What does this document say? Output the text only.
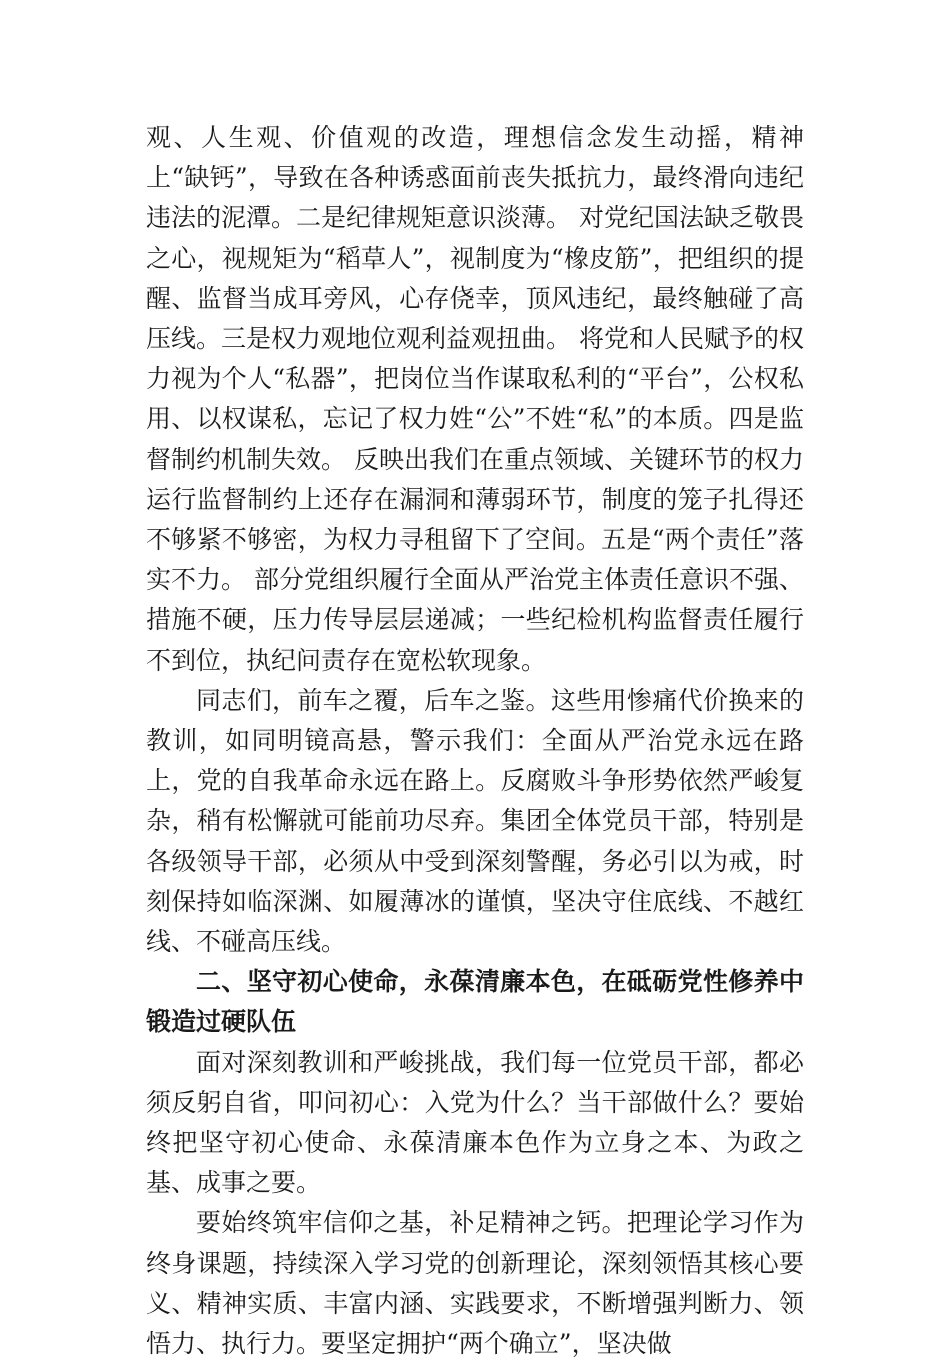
观、人生观、价值观的改造，理想信念发生动摇，精神上“缺钙”，导致在各种诱惑面前丧失抵抗力，最终滑向违纪违法的泥潭。二是纪律规矩意识淡薄。 对党纪国法缺乏敬畏之心，视规矩为“稻草人”，视制度为“橡皮筋”，把组织的提醒、监督当成耳旁风，心存侥幸，顶风违纪，最终触碰了高压线。三是权力观地位观利益观扭曲。 将党和人民赋予的权力视为个人“私器”，把岗位当作谋取私利的“平台”，公权私用、以权谋私，忘记了权力姓“公”不姓“私”的本质。四是监督制约机制失效。 反映出我们在重点领域、关键环节的权力运行监督制约上还存在漏洞和薄弱环节，制度的笼子扎得还不够紧不够密，为权力寻租留下了空间。五是“两个责任”落实不力。 部分党组织履行全面从严治党主体责任意识不强、措施不硬，压力传导层层递减；一些纪检机构监督责任履行不到位，执纪问责存在宽松软现象。

同志们，前车之覆，后车之鉴。这些用惨痛代价换来的教训，如同明镜高悬，警示我们：全面从严治党永远在路上，党的自我革命永远在路上。反腐败斗争形势依然严峻复杂，稍有松懈就可能前功尽弃。集团全体党员干部，特别是各级领导干部，必须从中受到深刻警醒，务必引以为戒，时刻保持如临深渊、如履薄冰的谨慎，坚决守住底线、不越红线、不碰高压线。

二、坚守初心使命，永葆清廉本色，在砥砺党性修养中锻造过硬队伍

面对深刻教训和严峻挑战，我们每一位党员干部，都必须反躬自省，叩问初心：入党为什么？当干部做什么？要始终把坚守初心使命、永葆清廉本色作为立身之本、为政之基、成事之要。

要始终筑牢信仰之基，补足精神之钙。把理论学习作为终身课题，持续深入学习党的创新理论，深刻领悟其核心要义、精神实质、丰富内涵、实践要求，不断增强判断力、领悟力、执行力。要坚定拥护“两个确立”，坚决做
